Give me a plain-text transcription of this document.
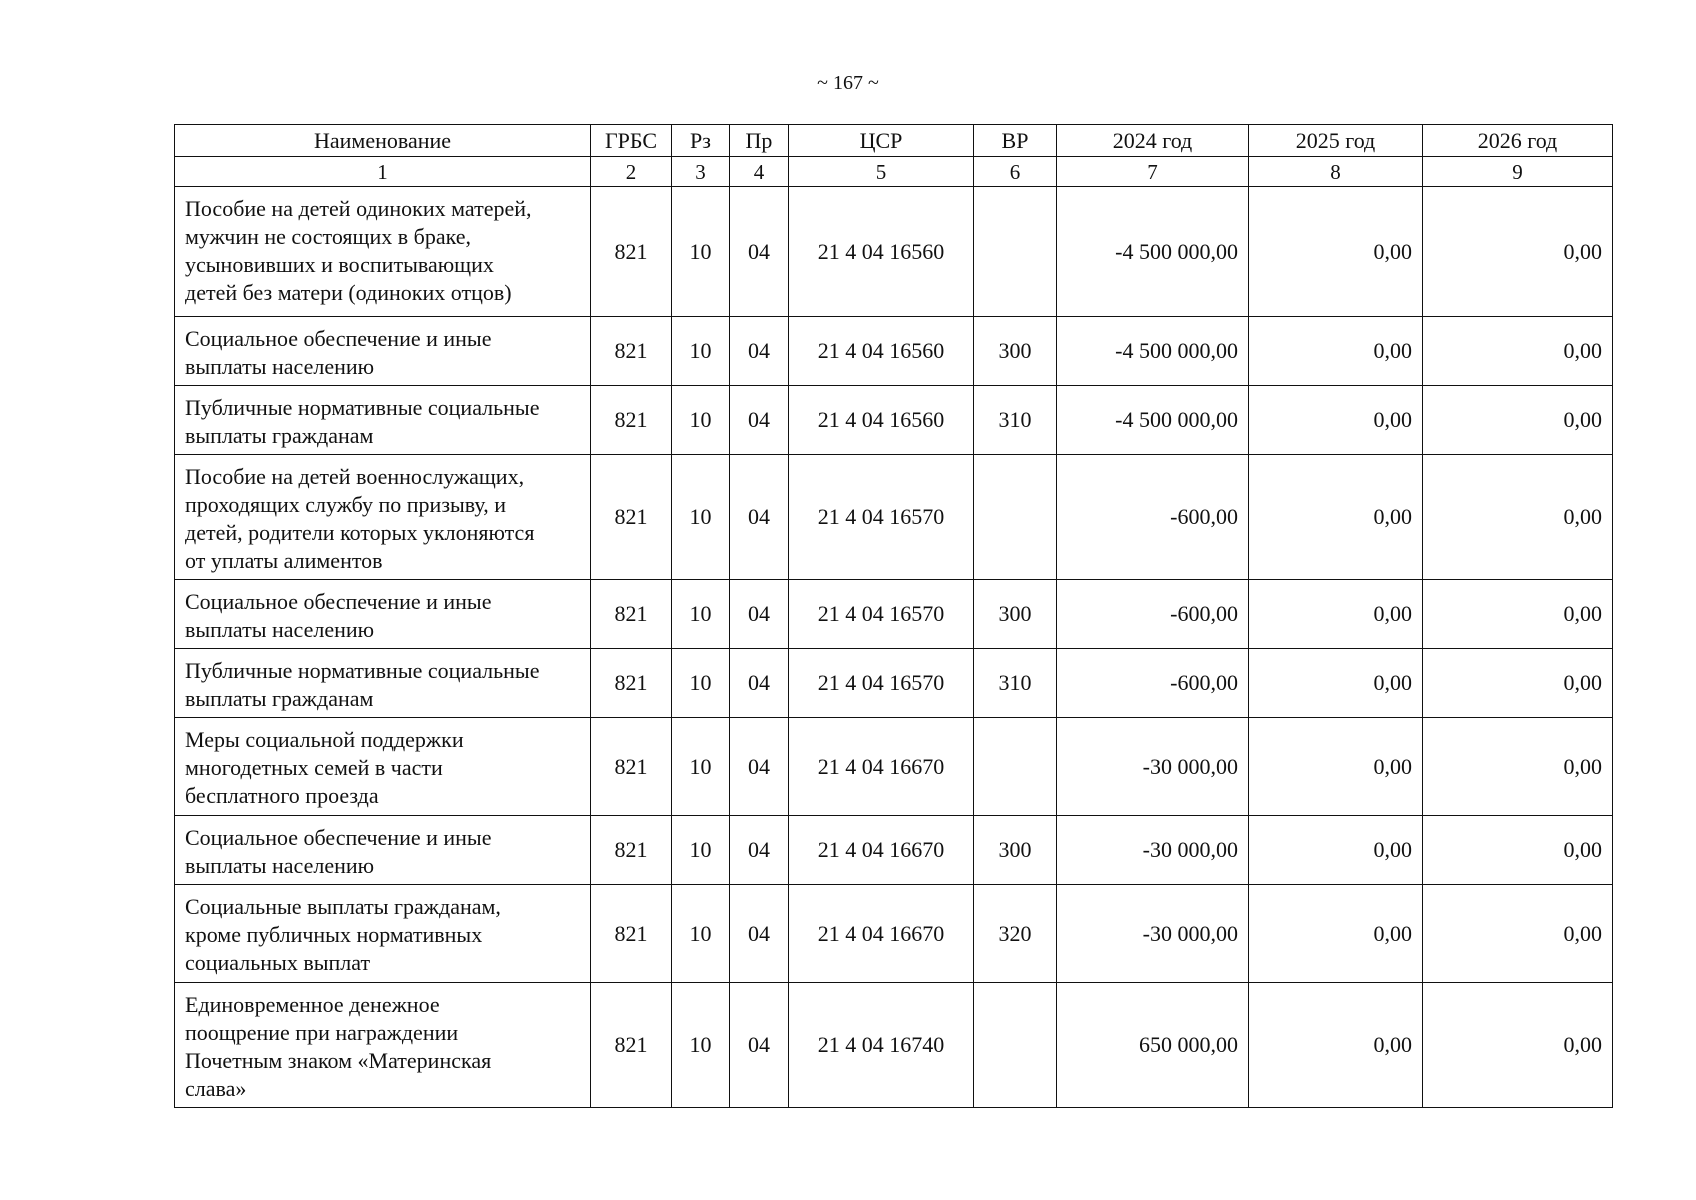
~ 167 ~
Наименование	ГРБС	Рз	Пр	ЦСР	ВР	2024 год	2025 год	2026 год
1	2	3	4	5	6	7	8	9

Пособие на детей одиноких матерей,
мужчин не состоящих в браке,
усыновивших и воспитывающих
детей без матери (одиноких отцов)	821	10	04	21 4 04 16560		-4 500 000,00	0,00	0,00

Социальное обеспечение и иные
выплаты населению	821	10	04	21 4 04 16560	300	-4 500 000,00	0,00	0,00

Публичные нормативные социальные
выплаты гражданам	821	10	04	21 4 04 16560	310	-4 500 000,00	0,00	0,00

Пособие на детей военнослужащих,
проходящих службу по призыву, и
детей, родители которых уклоняются
от уплаты алиментов	821	10	04	21 4 04 16570		-600,00	0,00	0,00

Социальное обеспечение и иные
выплаты населению	821	10	04	21 4 04 16570	300	-600,00	0,00	0,00

Публичные нормативные социальные
выплаты гражданам	821	10	04	21 4 04 16570	310	-600,00	0,00	0,00

Меры социальной поддержки
многодетных семей в части
бесплатного проезда	821	10	04	21 4 04 16670		-30 000,00	0,00	0,00

Социальное обеспечение и иные
выплаты населению	821	10	04	21 4 04 16670	300	-30 000,00	0,00	0,00

Социальные выплаты гражданам,
кроме публичных нормативных
социальных выплат	821	10	04	21 4 04 16670	320	-30 000,00	0,00	0,00

Единовременное денежное
поощрение при награждении
Почетным знаком «Материнская
слава»	821	10	04	21 4 04 16740		650 000,00	0,00	0,00
